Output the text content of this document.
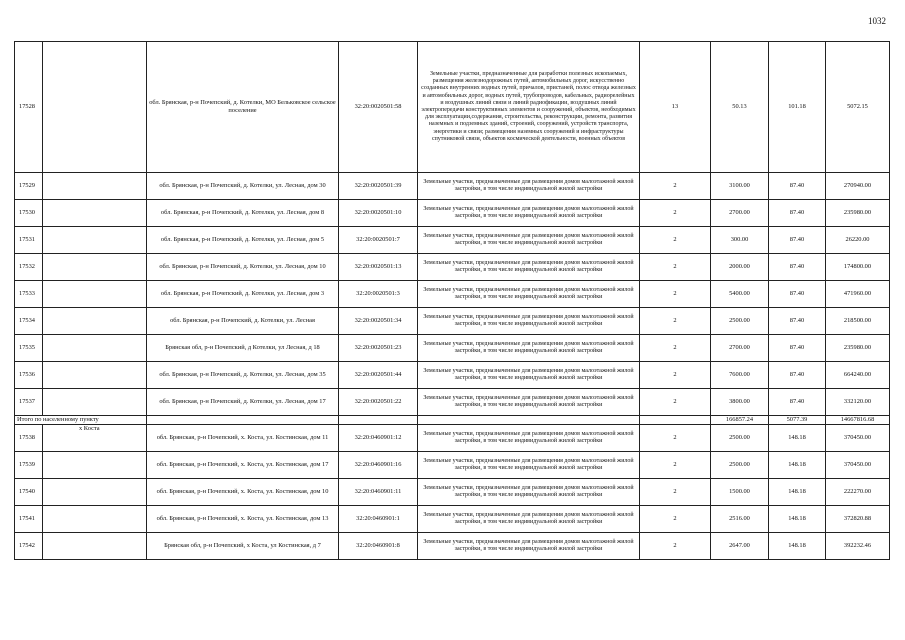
1032
17528		обл. Брянская, р-н Почепский, д. Котелки, МО Бельковское сельское поселение	32:20:0020501:58	Земельные участки, предназначенные для разработки полезных ископаемых, размещения железнодорожных путей, автомобильных дорог, искусственно созданных внутренних водных путей, причалов, пристаней, полос отвода железных и автомобильных дорог, водных путей, трубопроводов, кабельных, радиорелейных и воздушных линий связи и линий радиофикации, воздушных линий электропередачи конструктивных элементов и сооружений, объектов, необходимых для эксплуатации,содержания, строительства, реконструкции, ремонта, развития наземных и подземных зданий, строений, сооружений, устройств транспорта, энергетики и связи; размещения наземных сооружений и инфраструктуры спутниковой связи, объектов космической деятельности, военных объектов	13	50.13	101.18	5072.15
17529		обл. Брянская, р-н Почепский, д. Котелки, ул. Лесная, дом 30	32:20:0020501:39	Земельные участки, предназначенные для размещения домов малоэтажной жилой застройки, в том числе индивидуальной жилой застройки	2	3100.00	87.40	270940.00
17530		обл. Брянская, р-н Почепский, д. Котелки, ул. Лесная, дом 8	32:20:0020501:10	Земельные участки, предназначенные для размещения домов малоэтажной жилой застройки, в том числе индивидуальной жилой застройки	2	2700.00	87.40	235980.00
17531		обл. Брянская, р-н Почепский, д. Котелки, ул. Лесная, дом 5	32:20:0020501:7	Земельные участки, предназначенные для размещения домов малоэтажной жилой застройки, в том числе индивидуальной жилой застройки	2	300.00	87.40	26220.00
17532		обл. Брянская, р-н Почепский, д. Котелки, ул. Лесная, дом 10	32:20:0020501:13	Земельные участки, предназначенные для размещения домов малоэтажной жилой застройки, в том числе индивидуальной жилой застройки	2	2000.00	87.40	174800.00
17533		обл. Брянская, р-н Почепский, д. Котелки, ул. Лесная, дом 3	32:20:0020501:3	Земельные участки, предназначенные для размещения домов малоэтажной жилой застройки, в том числе индивидуальной жилой застройки	2	5400.00	87.40	471960.00
17534		обл. Брянская, р-н Почепский, д. Котелки, ул. Лесная	32:20:0020501:34	Земельные участки, предназначенные для размещения домов малоэтажной жилой застройки, в том числе индивидуальной жилой застройки	2	2500.00	87.40	218500.00
17535		Брянская обл, р-н Почепский, д Котелки, ул Лесная, д 18	32:20:0020501:23	Земельные участки, предназначенные для размещения домов малоэтажной жилой застройки, в том числе индивидуальной жилой застройки	2	2700.00	87.40	235980.00
17536		обл. Брянская, р-н Почепский, д. Котелки, ул. Лесная, дом 35	32:20:0020501:44	Земельные участки, предназначенные для размещения домов малоэтажной жилой застройки, в том числе индивидуальной жилой застройки	2	7600.00	87.40	664240.00
17537		обл. Брянская, р-н Почепский, д. Котелки, ул. Лесная, дом 17	32:20:0020501:22	Земельные участки, предназначенные для размещения домов малоэтажной жилой застройки, в том числе индивидуальной жилой застройки	2	3800.00	87.40	332120.00
Итого по населенному пункту						166857.24	5077.39	14667816.68
17538	х Коста	обл. Брянская, р-н Почепский, х. Коста, ул. Костинская, дом 11	32:20:0460901:12	Земельные участки, предназначенные для размещения домов малоэтажной жилой застройки, в том числе индивидуальной жилой застройки	2	2500.00	148.18	370450.00
17539		обл. Брянская, р-н Почепский, х. Коста, ул. Костинская, дом 17	32:20:0460901:16	Земельные участки, предназначенные для размещения домов малоэтажной жилой застройки, в том числе индивидуальной жилой застройки	2	2500.00	148.18	370450.00
17540		обл. Брянская, р-н Почепский, х. Коста, ул. Костинская, дом 10	32:20:0460901:11	Земельные участки, предназначенные для размещения домов малоэтажной жилой застройки, в том числе индивидуальной жилой застройки	2	1500.00	148.18	222270.00
17541		обл. Брянская, р-н Почепский, х. Коста, ул. Костинская, дом 13	32:20:0460901:1	Земельные участки, предназначенные для размещения домов малоэтажной жилой застройки, в том числе индивидуальной жилой застройки	2	2516.00	148.18	372820.88
17542		Брянская обл, р-н Почепский, х Коста, ул Костинская, д 7	32:20:0460901:8	Земельные участки, предназначенные для размещения домов малоэтажной жилой застройки, в том числе индивидуальной жилой застройки	2	2647.00	148.18	392232.46
